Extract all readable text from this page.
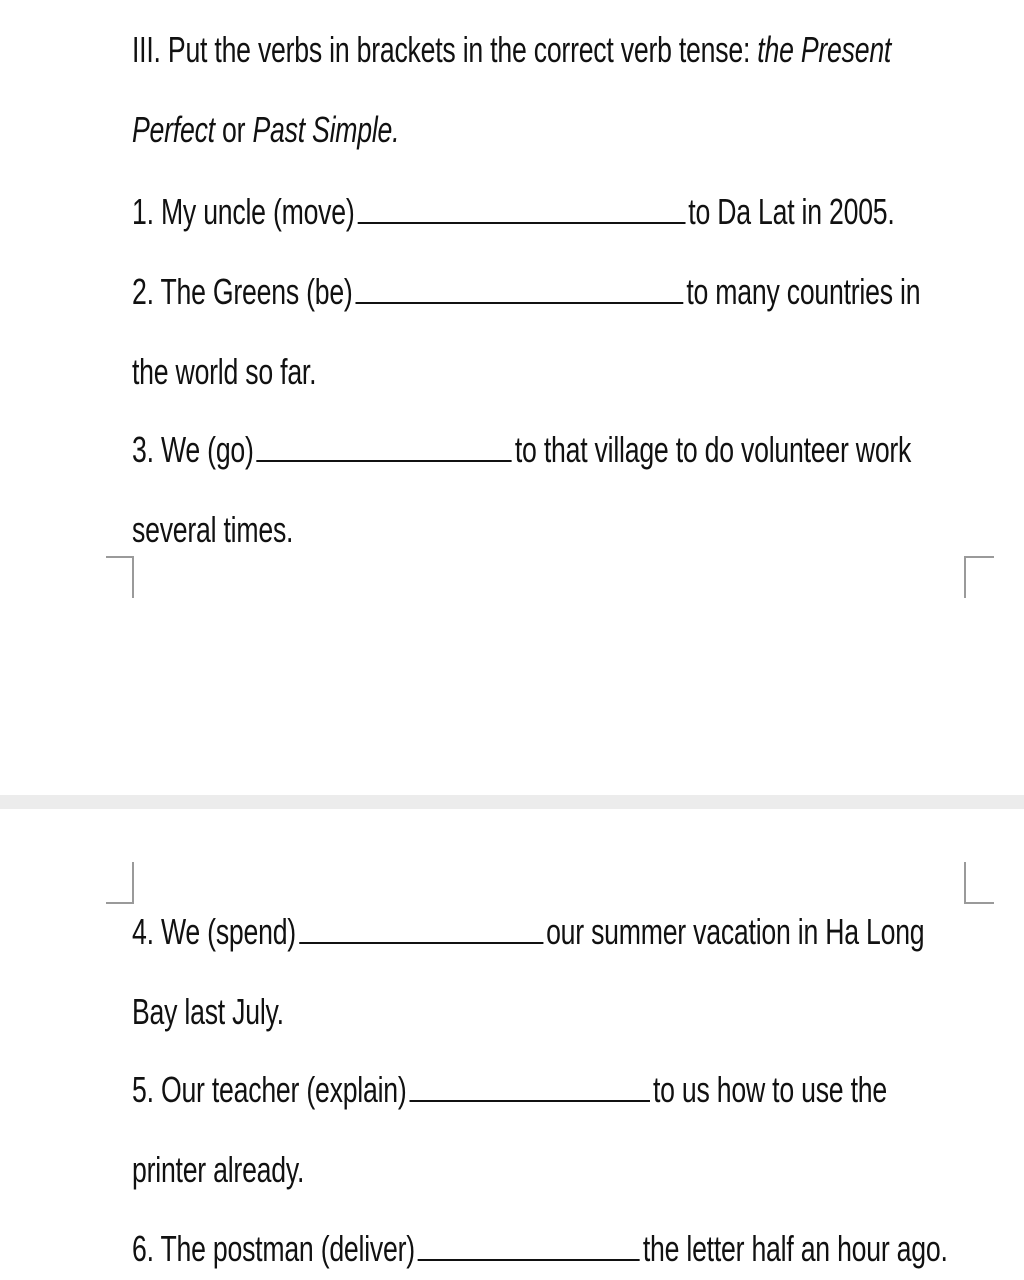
III. Put the verbs in brackets in the correct verb tense: the Present
Perfect or Past Simple.
1. My uncle (move)	to Da Lat in 2005.
2. The Greens (be)	to many countries in
the world so far.
3. We (go)	to that village to do volunteer work
several times.
4. We (spend)	our summer vacation in Ha Long
Bay last July.
5. Our teacher (explain)	to us how to use the
printer already.
6. The postman (deliver)	the letter half an hour ago.
